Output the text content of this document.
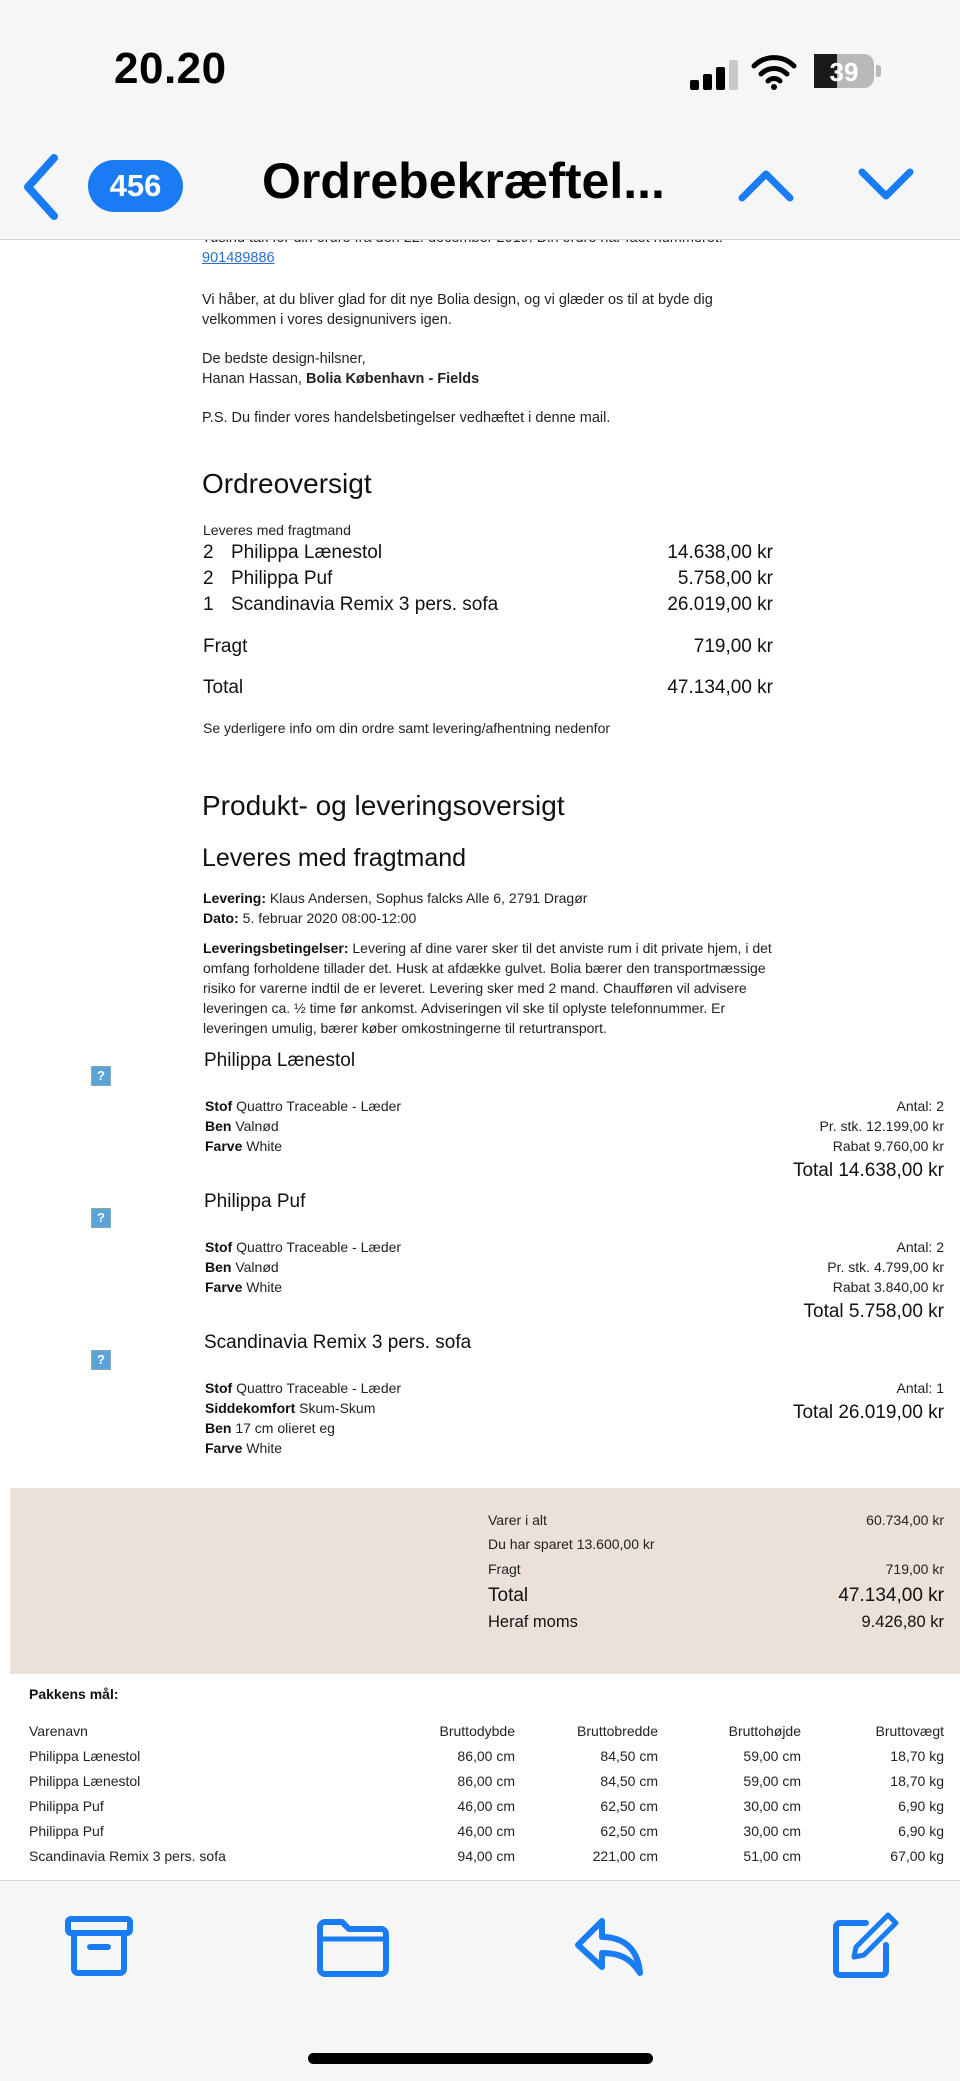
20.20	39
456	Ordrebekræftel...

901489886

Vi håber, at du bliver glad for dit nye Bolia design, og vi glæder os til at byde dig velkommen i vores designunivers igen.

De bedste design-hilsner,
Hanan Hassan, Bolia København - Fields

P.S. Du finder vores handelsbetingelser vedhæftet i denne mail.

Ordreoversigt
Leveres med fragtmand
2 Philippa Lænestol	14.638,00 kr
2 Philippa Puf	5.758,00 kr
1 Scandinavia Remix 3 pers. sofa	26.019,00 kr
Fragt	719,00 kr
Total	47.134,00 kr
Se yderligere info om din ordre samt levering/afhentning nedenfor
Produkt- og leveringsoversigt
Leveres med fragtmand
Levering: Klaus Andersen, Sophus falcks Alle 6, 2791 Dragør
Dato: 5. februar 2020 08:00-12:00
Leveringsbetingelser: Levering af dine varer sker til det anviste rum i dit private hjem, i det omfang forholdene tillader det. Husk at afdække gulvet. Bolia bærer den transportmæssige risiko for varerne indtil de er leveret. Levering sker med 2 mand. Chaufføren vil advisere leveringen ca. ½ time før ankomst. Adviseringen vil ske til oplyste telefonnummer. Er leveringen umulig, bærer køber omkostningerne til returtransport.
?
Philippa Lænestol
Stof Quattro Traceable - Læder
Ben Valnød
Farve White
Antal: 2
Pr. stk. 12.199,00 kr
Rabat 9.760,00 kr
Total 14.638,00 kr
?
Philippa Puf
Stof Quattro Traceable - Læder
Ben Valnød
Farve White
Antal: 2
Pr. stk. 4.799,00 kr
Rabat 3.840,00 kr
Total 5.758,00 kr
?
Scandinavia Remix 3 pers. sofa
Stof Quattro Traceable - Læder
Siddekomfort Skum-Skum
Ben 17 cm olieret eg
Farve White
Antal: 1
Total 26.019,00 kr
Varer i alt	60.734,00 kr
Du har sparet 13.600,00 kr
Fragt	719,00 kr
Total	47.134,00 kr
Heraf moms	9.426,80 kr
Pakkens mål:
Varenavn	Bruttodybde	Bruttobredde	Bruttohøjde	Bruttovægt
Philippa Lænestol	86,00 cm	84,50 cm	59,00 cm	18,70 kg
Philippa Lænestol	86,00 cm	84,50 cm	59,00 cm	18,70 kg
Philippa Puf	46,00 cm	62,50 cm	30,00 cm	6,90 kg
Philippa Puf	46,00 cm	62,50 cm	30,00 cm	6,90 kg
Scandinavia Remix 3 pers. sofa	94,00 cm	221,00 cm	51,00 cm	67,00 kg
